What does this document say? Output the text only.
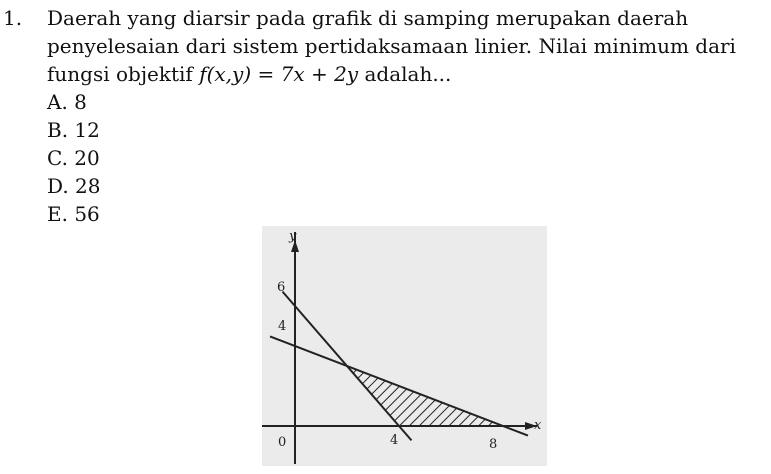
1. Daerah yang diarsir pada grafik di samping merupakan daerah
penyelesaian dari sistem pertidaksamaan linier. Nilai minimum dari
fungsi objektif f(x,y) = 7x + 2y adalah...
A. 8
B. 12
C. 20
D. 28
E. 56
y
x
0	4	8
6
4
